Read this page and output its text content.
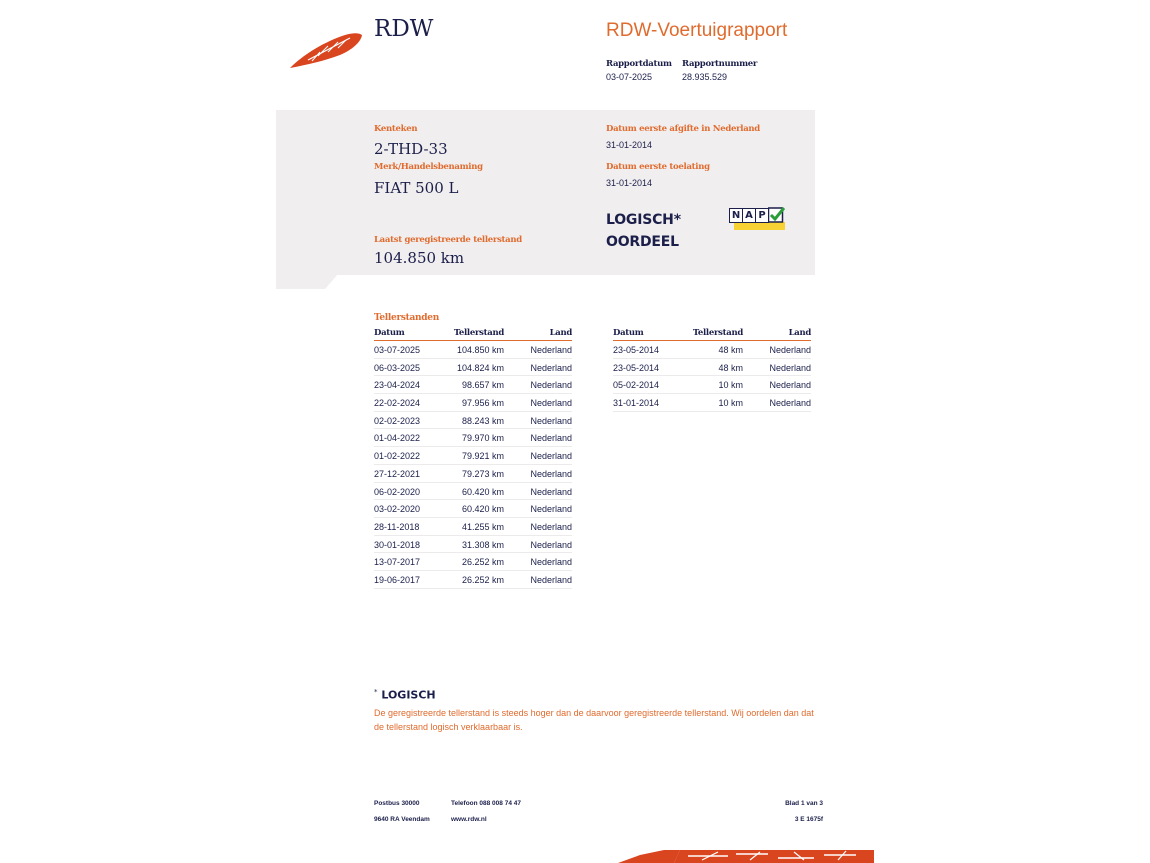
RDW	RDW-Voertuigrapport
Rapportdatum
03-07-2025
Rapportnummer
28.935.529
Kenteken
2-THD-33
Merk/Handelsbenaming
FIAT 500 L
Laatst geregistreerde tellerstand
104.850 km
Datum eerste afgifte in Nederland
31-01-2014
Datum eerste toelating
31-01-2014
LOGISCH*
OORDEEL
N A P
Tellerstanden
Datum	Tellerstand	Land
03-07-2025	104.850 km	Nederland
06-03-2025	104.824 km	Nederland
23-04-2024	98.657 km	Nederland
22-02-2024	97.956 km	Nederland
02-02-2023	88.243 km	Nederland
01-04-2022	79.970 km	Nederland
01-02-2022	79.921 km	Nederland
27-12-2021	79.273 km	Nederland
06-02-2020	60.420 km	Nederland
03-02-2020	60.420 km	Nederland
28-11-2018	41.255 km	Nederland
30-01-2018	31.308 km	Nederland
13-07-2017	26.252 km	Nederland
19-06-2017	26.252 km	Nederland
Datum	Tellerstand	Land
23-05-2014	48 km	Nederland
23-05-2014	48 km	Nederland
05-02-2014	10 km	Nederland
31-01-2014	10 km	Nederland
* LOGISCH
De geregistreerde tellerstand is steeds hoger dan de daarvoor geregistreerde tellerstand. Wij oordelen dan dat de tellerstand logisch verklaarbaar is.
Postbus 30000
9640 RA Veendam
Telefoon 088 008 74 47
www.rdw.nl
Blad 1 van 3
3 E 1675f
